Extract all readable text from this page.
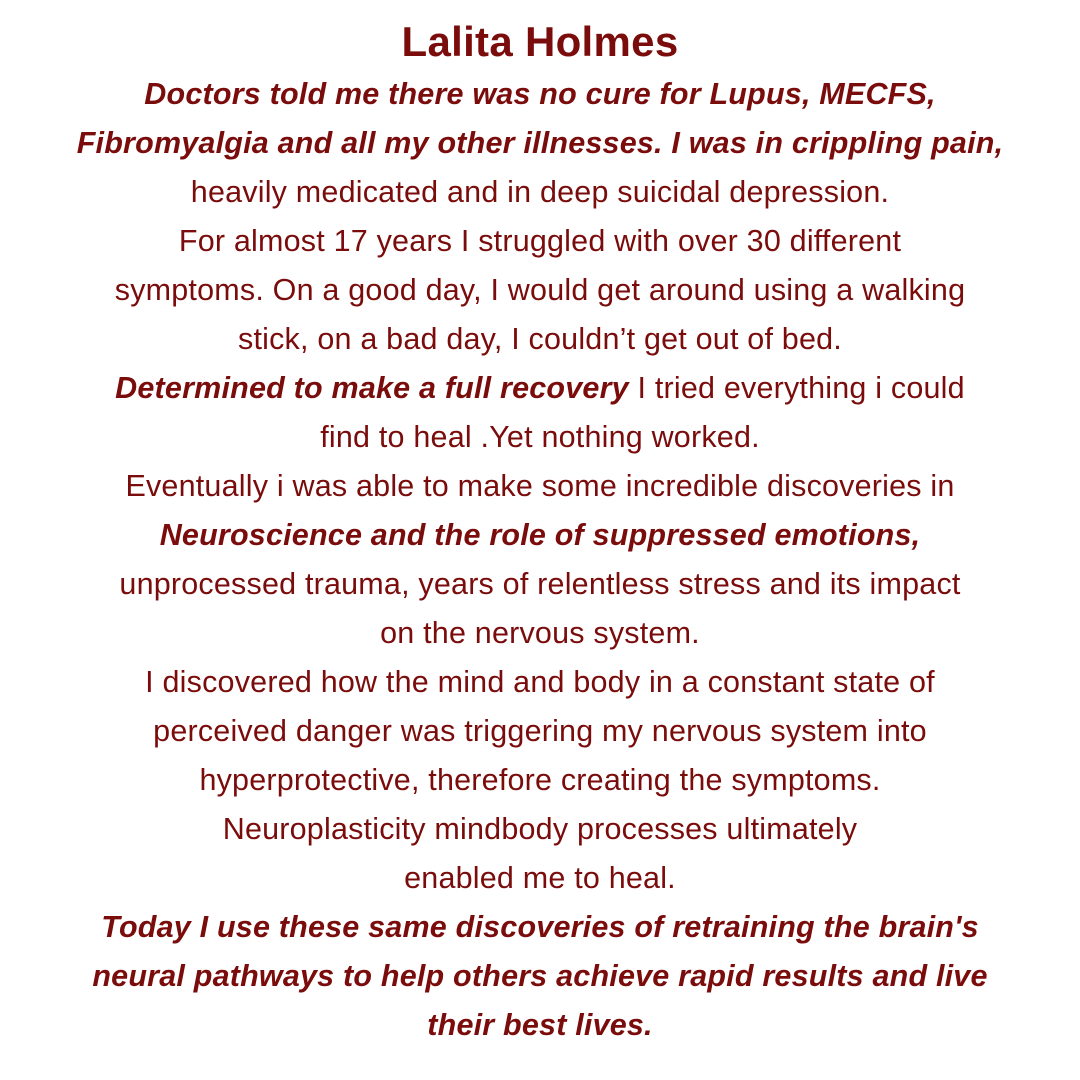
Lalita Holmes

Doctors told me there was no cure for Lupus, MECFS,

Fibromyalgia and all my other illnesses. I was in crippling pain,

heavily medicated and in deep suicidal depression.

For almost 17 years I struggled with over 30 different

symptoms. On a good day, I would get around using a walking

stick, on a bad day, I couldn’t get out of bed.

Determined to make a full recovery I tried everything i could

find to heal .Yet nothing worked.

Eventually i was able to make some incredible discoveries in

Neuroscience and the role of suppressed emotions,

unprocessed trauma, years of relentless stress and its impact

on the nervous system.

I discovered how the mind and body in a constant state of

perceived danger was triggering my nervous system into

hyperprotective, therefore creating the symptoms.

Neuroplasticity mindbody processes ultimately

enabled me to heal.

Today I use these same discoveries of retraining the brain's

neural pathways to help others achieve rapid results and live

their best lives.
